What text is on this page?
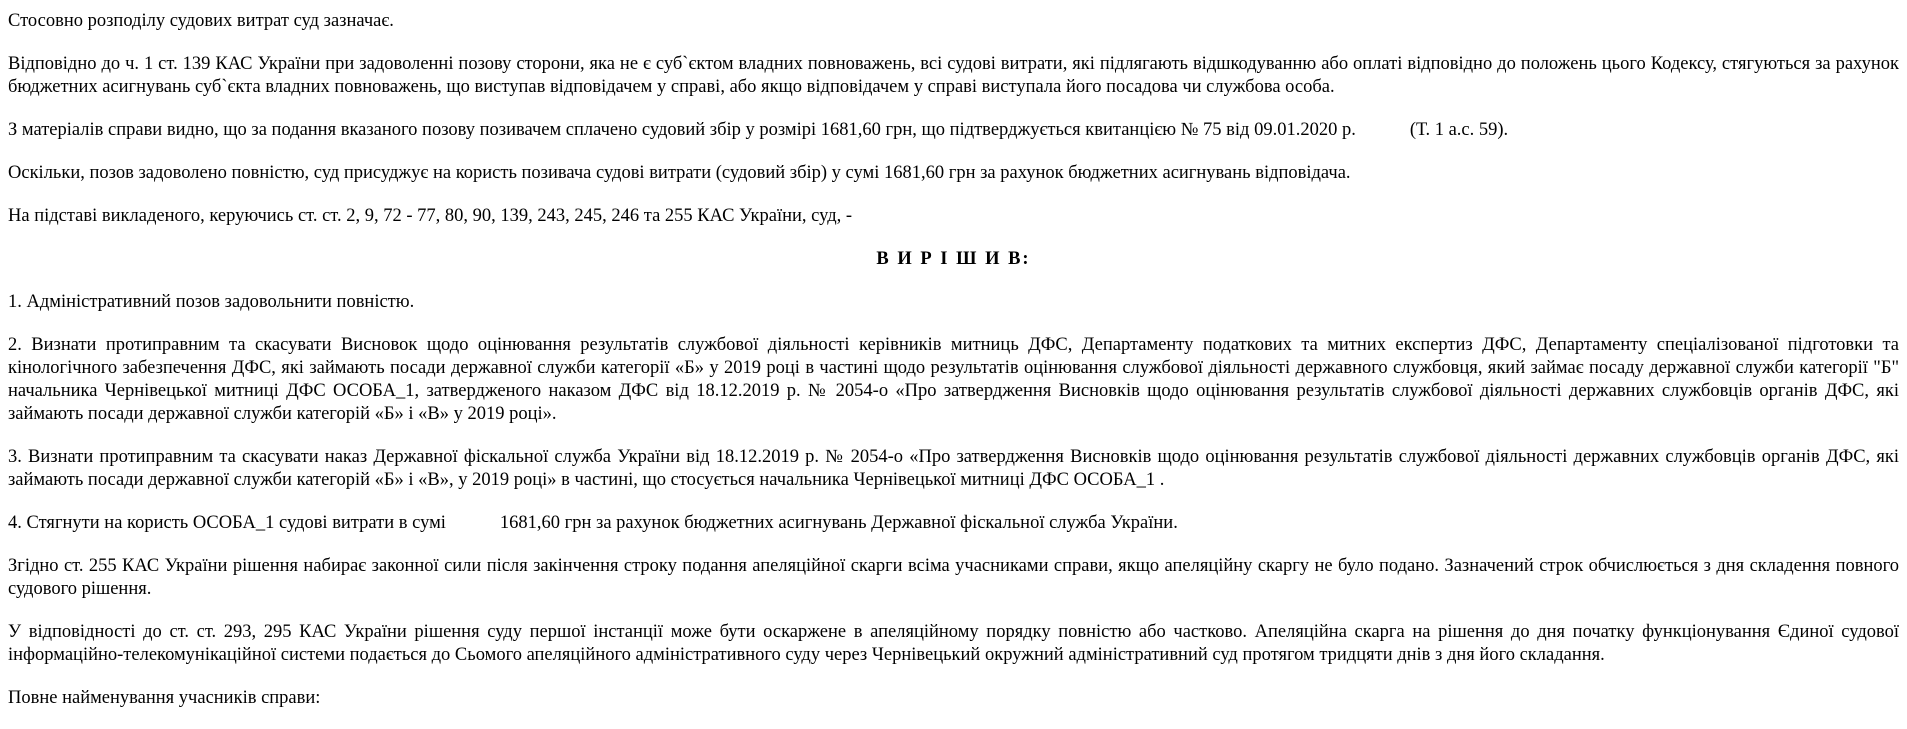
Стосовно розподілу судових витрат суд зазначає.

Відповідно до ч. 1 ст. 139 КАС України при задоволенні позову сторони, яка не є суб`єктом владних повноважень, всі судові витрати, які підлягають відшкодуванню або оплаті відповідно до положень цього Кодексу, стягуються за рахунок бюджетних асигнувань суб`єкта владних повноважень, що виступав відповідачем у справі, або якщо відповідачем у справі виступала його посадова чи службова особа.

З матеріалів справи видно, що за подання вказаного позову позивачем сплачено судовий збір у розмірі 1681,60 грн, що підтверджується квитанцією № 75 від 09.01.2020 р.	(Т. 1 а.с. 59).

Оскільки, позов задоволено повністю, суд присуджує на користь позивача судові витрати (судовий збір) у сумі 1681,60 грн за рахунок бюджетних асигнувань відповідача.

На підставі викладеного, керуючись ст. ст. 2, 9, 72 - 77, 80, 90, 139, 243, 245, 246 та 255 КАС України, суд, -

В И Р І Ш И В:

1. Адміністративний позов задовольнити повністю.

2. Визнати протиправним та скасувати Висновок щодо оцінювання результатів службової діяльності керівників митниць ДФС, Департаменту податкових та митних експертиз ДФС, Департаменту спеціалізованої підготовки та кінологічного забезпечення ДФС, які займають посади державної служби категорії «Б» у 2019 році в частині щодо результатів оцінювання службової діяльності державного службовця, який займає посаду державної служби категорії "Б" начальника Чернівецької митниці ДФС ОСОБА_1, затвердженого наказом ДФС від 18.12.2019 р. № 2054-о «Про затвердження Висновків щодо оцінювання результатів службової діяльності державних службовців органів ДФС, які займають посади державної служби категорій «Б» і «В» у 2019 році».

3. Визнати протиправним та скасувати наказ Державної фіскальної служба України від 18.12.2019 р. № 2054-о «Про затвердження Висновків щодо оцінювання результатів службової діяльності державних службовців органів ДФС, які займають посади державної служби категорій «Б» і «В», у 2019 році» в частині, що стосується начальника Чернівецької митниці ДФС ОСОБА_1 .

4. Стягнути на користь ОСОБА_1 судові витрати в сумі	1681,60 грн за рахунок бюджетних асигнувань Державної фіскальної служба України.

Згідно ст. 255 КАС України рішення набирає законної сили після закінчення строку подання апеляційної скарги всіма учасниками справи, якщо апеляційну скаргу не було подано. Зазначений строк обчислюється з дня складення повного судового рішення.

У відповідності до ст. ст. 293, 295 КАС України рішення суду першої інстанції може бути оскаржене в апеляційному порядку повністю або частково. Апеляційна скарга на рішення до дня початку функціонування Єдиної судової інформаційно-телекомунікаційної системи подається до Сьомого апеляційного адміністративного суду через Чернівецький окружний адміністративний суд протягом тридцяти днів з дня його складання.

Повне найменування учасників справи:
